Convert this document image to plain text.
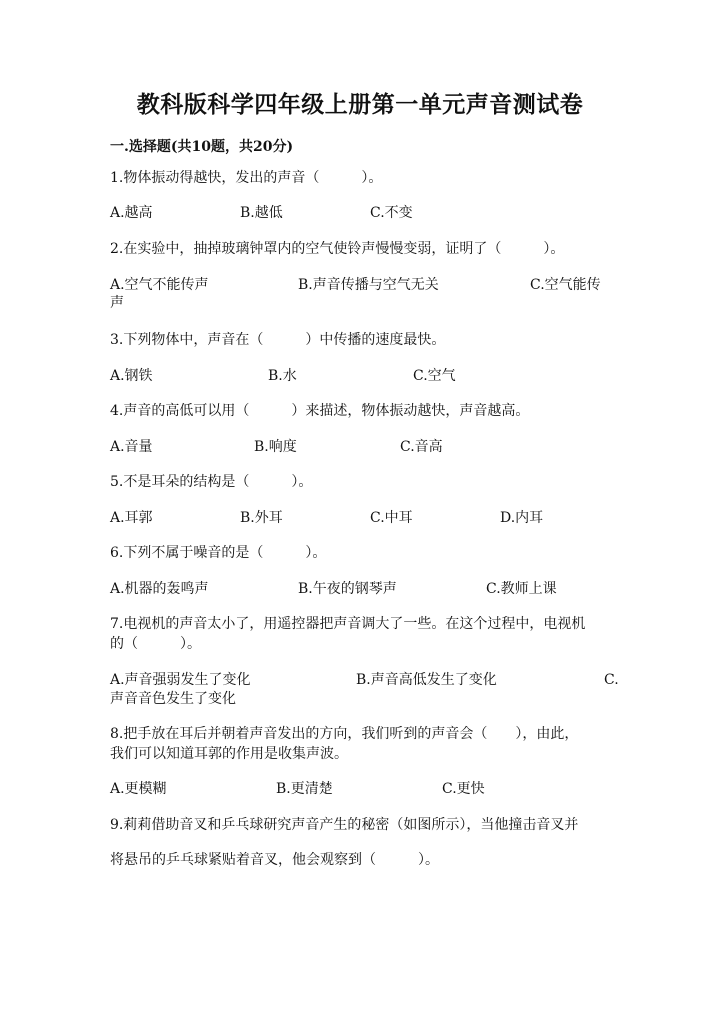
教科版科学四年级上册第一单元声音测试卷
一.选择题(共10题，共20分)
1.物体振动得越快，发出的声音（　　　）。
A.越高	B.越低	C.不变
2.在实验中，抽掉玻璃钟罩内的空气使铃声慢慢变弱，证明了（　　　）。
A.空气不能传声	B.声音传播与空气无关	C.空气能传
声
3.下列物体中，声音在（　　　）中传播的速度最快。
A.钢铁	B.水	C.空气
4.声音的高低可以用（　　　）来描述，物体振动越快，声音越高。
A.音量	B.响度	C.音高
5.不是耳朵的结构是（　　　）。
A.耳郭	B.外耳	C.中耳	D.内耳
6.下列不属于噪音的是（　　　）。
A.机器的轰鸣声	B.午夜的钢琴声	C.教师上课
7.电视机的声音太小了，用遥控器把声音调大了一些。在这个过程中，电视机
的（　　　）。
A.声音强弱发生了变化	B.声音高低发生了变化	C.
声音音色发生了变化
8.把手放在耳后并朝着声音发出的方向，我们听到的声音会（　　），由此，
我们可以知道耳郭的作用是收集声波。
A.更模糊	B.更清楚	C.更快
9.莉莉借助音叉和乒乓球研究声音产生的秘密（如图所示），当他撞击音叉并
将悬吊的乒乓球紧贴着音叉，他会观察到（　　　）。
